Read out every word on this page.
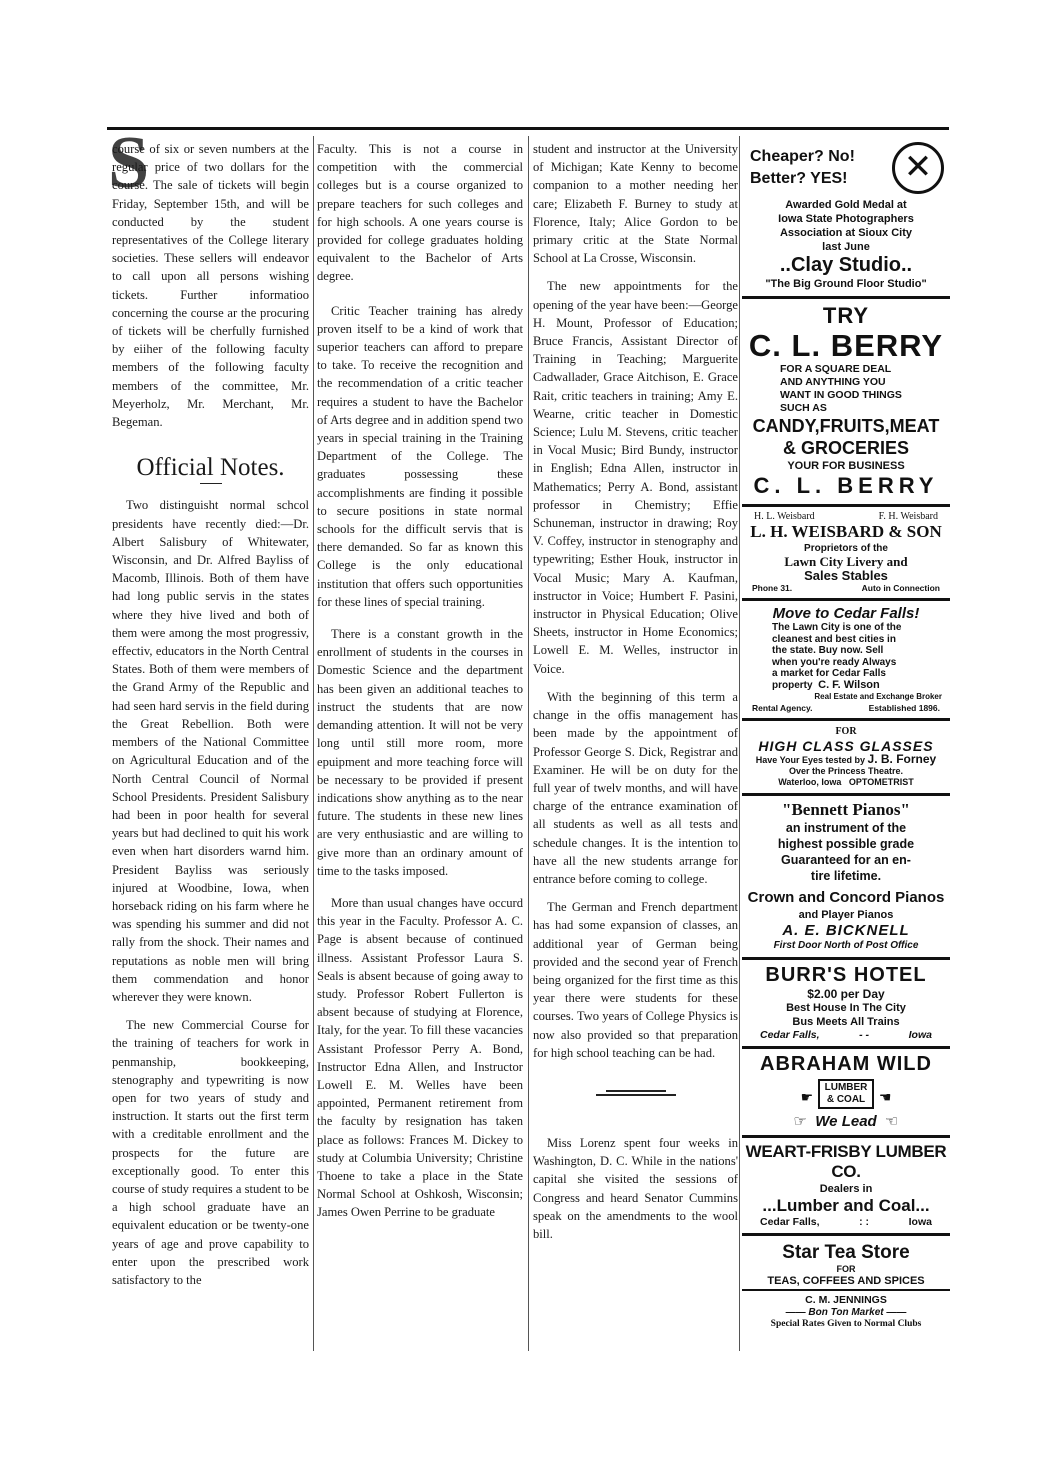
S

course of six or seven numbers at the regular price of two dollars for the course. The sale of tickets will begin Friday, September 15th, and will be conducted by the student representatives of the College literary societies. These sellers will endeavor to call upon all persons wishing tickets. Further informatioo concerning the course ar the procuring of tickets will be cherfully furnished by eiiher of the following faculty members of the following faculty members of the committee, Mr. Meyerholz, Mr. Merchant, Mr. Begeman.

Official Notes.

Two distinguisht normal schcol presidents have recently died:—Dr. Albert Salisbury of Whitewater, Wisconsin, and Dr. Alfred Bayliss of Macomb, Illinois. Both of them have had long public servis in the states where they hive lived and both of them were among the most progressiv, effectiv, educators in the North Central States. Both of them were members of the Grand Army of the Republic and had seen hard servis in the field during the Great Rebellion. Both were members of the National Committee on Agricultural Education and of the North Central Council of Normal School Presidents. President Salisbury had been in poor health for several years but had declined to quit his work even when hart disorders warnd him. President Bayliss was seriously injured at Woodbine, Iowa, when horseback riding on his farm where he was spending his summer and did not rally from the shock. Their names and reputations as noble men will bring them commendation and honor wherever they were known.

The new Commercial Course for the training of teachers for work in penmanship, bookkeeping, stenography and typewriting is now open for two years of study and instruction. It starts out the first term with a creditable enrollment and the prospects for the future are exceptionally good. To enter this course of study requires a student to be a high school graduate have an equivalent education or be twenty-one years of age and prove capability to enter upon the prescribed work satisfactory to the

Faculty. This is not a course in competition with the commercial colleges but is a course organized to prepare teachers for such colleges and for high schools. A one years course is provided for college graduates holding equivalent to the Bachelor of Arts degree.

Critic Teacher training has alredy proven itself to be a kind of work that superior teachers can afford to prepare to take. To receive the recognition and the recommendation of a critic teacher requires a student to have the Bachelor of Arts degree and in addition spend two years in special training in the Training Department of the College. The graduates possessing these accomplishments are finding it possible to secure positions in state normal schools for the difficult servis that is there demanded. So far as known this College is the only educational institution that offers such opportunities for these lines of special training.

There is a constant growth in the enrollment of students in the courses in Domestic Science and the department has been given an additional teaches to instruct the students that are now demanding attention. It will not be very long until still more room, more epuipment and more teaching force will be necessary to be provided if present indications show anything as to the near future. The students in these new lines are very enthusiastic and are willing to give more than an ordinary amount of time to the tasks imposed.

More than usual changes have occurd this year in the Faculty. Professor A. C. Page is absent because of continued illness. Assistant Professor Laura S. Seals is absent because of going away to study. Professor Robert Fullerton is absent because of studying at Florence, Italy, for the year. To fill these vacancies Assistant Professor Perry A. Bond, Instructor Edna Allen, and Instructor Lowell E. M. Welles have been appointed, Permanent retirement from the faculty by resignation has taken place as follows: Frances M. Dickey to study at Columbia University; Christine Thoene to take a place in the State Normal School at Oshkosh, Wisconsin; James Owen Perrine to be graduate

student and instructor at the University of Michigan; Kate Kenny to become companion to a mother needing her care; Elizabeth F. Burney to study at Florence, Italy; Alice Gordon to be primary critic at the State Normal School at La Crosse, Wisconsin.

The new appointments for the opening of the year have been:—George H. Mount, Professor of Education; Bruce Francis, Assistant Director of Training in Teaching; Marguerite Cadwallader, Grace Aitchison, E. Grace Rait, critic teachers in training; Amy E. Wearne, critic teacher in Domestic Science; Lulu M. Stevens, critic teacher in Vocal Music; Bird Bundy, instructor in English; Edna Allen, instructor in Mathematics; Perry A. Bond, assistant professor in Chemistry; Effie Schuneman, instructor in drawing; Roy V. Coffey, instructor in stenography and typewriting; Esther Houk, instructor in Vocal Music; Mary A. Kaufman, instructor in Voice; Humbert F. Pasini, instructor in Physical Education; Olive Sheets, instructor in Home Economics; Lowell E. M. Welles, instructor in Voice.

With the beginning of this term a change in the offis management has been made by the appointment of Professor George S. Dick, Registrar and Examiner. He will be on duty for the full year of twelv months, and will have charge of the entrance examination of all students as well as all tests and schedule changes. It is the intention to have all the new students arrange for entrance before coming to college.

The German and French department has had some expansion of classes, an additional year of German being provided and the second year of French being organized for the first time as this year there were students for these courses. Two years of College Physics is now also provided so that preparation for high school teaching can be had.

Miss Lorenz spent four weeks in Washington, D. C. While in the nations' capital she visited the sessions of Congress and heard Senator Cummins speak on the amendments to the wool bill.

Cheaper? No!
Better? YES!	✕
Awarded Gold Medal at
Iowa State Photographers
Association at Sioux City
last June
..Clay Studio..
"The Big Ground Floor Studio"
TRY
C. L. BERRY
FOR A SQUARE DEAL
AND ANYTHING YOU
WANT IN GOOD THINGS
SUCH AS
CANDY,FRUITS,MEAT
& GROCERIES
YOUR FOR BUSINESS
C. L. BERRY
H. L. Weisbard	F. H. Weisbard
L. H. WEISBARD & SON
Proprietors of the
Lawn City Livery and
Sales Stables
Phone 31.	Auto in Connection
Move to Cedar Falls!
The Lawn City is one of the
cleanest and best cities in
the state. Buy now. Sell
when you're ready Always
a market for Cedar Falls
property C. F. Wilson
Real Estate and Exchange Broker
Rental Agency.	Established 1896.
FOR
HIGH CLASS GLASSES
Have Your Eyes tested by J. B. Forney
Over the Princess Theatre.
Waterloo, Iowa OPTOMETRIST
"Bennett Pianos"
an instrument of the
highest possible grade
Guaranteed for an en-
tire lifetime.
Crown and Concord Pianos
and Player Pianos
A. E. BICKNELL
First Door North of Post Office
BURR'S HOTEL
$2.00 per Day
Best House In The City
Bus Meets All Trains
Cedar Falls,	- -	Iowa
ABRAHAM WILD
☛
LUMBER
& COAL ☚
☞ We Lead ☜
WEART-FRISBY LUMBER CO.
Dealers in
...Lumber and Coal...
Cedar Falls,	: :	Iowa
Star Tea Store
FOR
TEAS, COFFEES AND SPICES
C. M. JENNINGS
—— Bon Ton Market ——
Special Rates Given to Normal Clubs
